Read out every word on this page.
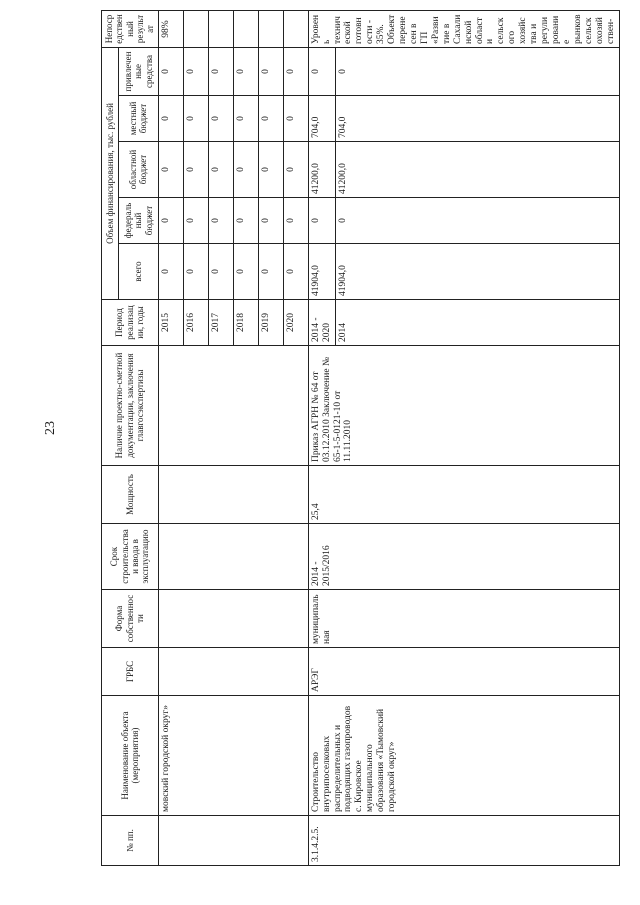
23
№ пп.	Наименование объекта (мероприятия)	ГРБС	Форма собственности	Срок строительства и ввода в эксплуатацию	Мощность	Наличие проектно-сметной документации, заключения главгосэкспертизы	Период реализации, годы	Объем финансирования, тыс. рублей					Непосредственный результат
								всего	федеральный бюджет	областной бюджет	местный бюджет	привлеченные средства	
	мовский городской округ»						2015	0	0	0	0	0	98%
							2016	0	0	0	0	0	
							2017	0	0	0	0	0	
							2018	0	0	0	0	0	
							2019	0	0	0	0	0	
							2020	0	0	0	0	0	
3.1.4.2.5.	Строительство внутрипоселковых распределительных и подводящих газопроводов с. Кировское муниципального образования «Тымовский городской округ»	АРЭГ	муниципальная	2014 - 2015/2016	25,4	Приказ АГРН № 64 от 03.12.2010 Заключение № 65-1-5-0121-10 от 11.11.2010	2014 - 2020	41904,0	0	41200,0	704,0	0	Уровень технической готовности - 35%. Объект перенесен в ГП «Развитие в Сахалинской области сельского хозяйства и регулирование рынков сельскохозяйствен-
							2014	41904,0	0	41200,0	704,0	0	
